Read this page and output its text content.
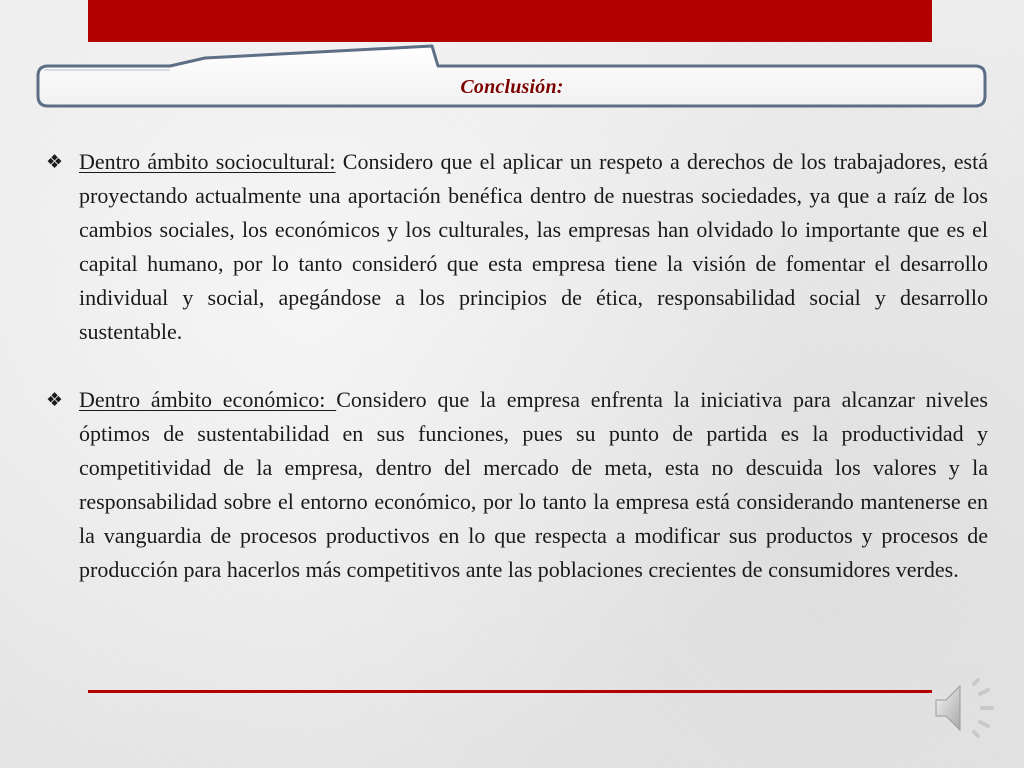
Conclusión:
❖ Dentro ámbito sociocultural: Considero que el aplicar un respeto a derechos de los trabajadores, está proyectando actualmente una aportación benéfica dentro de nuestras sociedades, ya que a raíz de los cambios sociales, los económicos y los culturales, las empresas han olvidado lo importante que es el capital humano, por lo tanto consideró que esta empresa tiene la visión de fomentar el desarrollo individual y social, apegándose a los principios de ética, responsabilidad social y desarrollo sustentable.
❖ Dentro ámbito económico: Considero que la empresa enfrenta la iniciativa para alcanzar niveles óptimos de sustentabilidad en sus funciones, pues su punto de partida es la productividad y competitividad de la empresa, dentro del mercado de meta, esta no descuida los valores y la responsabilidad sobre el entorno económico, por lo tanto la empresa está considerando mantenerse en la vanguardia de procesos productivos en lo que respecta a modificar sus productos y procesos de producción para hacerlos más competitivos ante las poblaciones crecientes de consumidores verdes.
